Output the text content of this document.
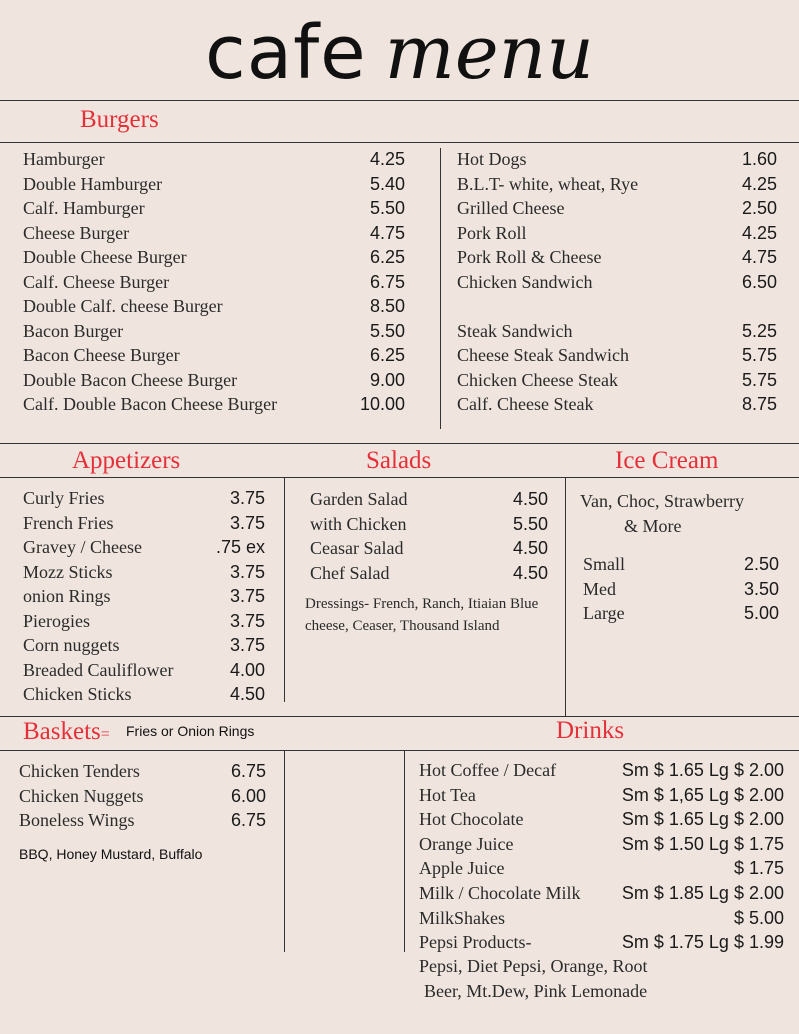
cafe menu
Burgers
Hamburger	4.25
Double Hamburger	5.40
Calf. Hamburger	5.50
Cheese Burger	4.75
Double Cheese Burger	6.25
Calf. Cheese Burger	6.75
Double Calf. cheese Burger	8.50
Bacon Burger	5.50
Bacon Cheese Burger	6.25
Double Bacon Cheese Burger	9.00
Calf. Double Bacon Cheese Burger	10.00
Hot Dogs	1.60
B.L.T- white, wheat, Rye	4.25
Grilled Cheese	2.50
Pork Roll	4.25
Pork Roll & Cheese	4.75
Chicken Sandwich	6.50
Steak Sandwich	5.25
Cheese Steak Sandwich	5.75
Chicken Cheese Steak	5.75
Calf. Cheese Steak	8.75
Appetizers
Curly Fries	3.75
French Fries	3.75
Gravey / Cheese	.75 ex
Mozz Sticks	3.75
onion Rings	3.75
Pierogies	3.75
Corn nuggets	3.75
Breaded Cauliflower	4.00
Chicken Sticks	4.50
Salads
Garden Salad	4.50
with Chicken	5.50
Ceasar Salad	4.50
Chef Salad	4.50
Dressings- French, Ranch, Itiaian Blue cheese, Ceaser, Thousand Island
Ice Cream
Van, Choc, Strawberry
& More
Small	2.50
Med	3.50
Large	5.00
Baskets= Fries or Onion Rings
Chicken Tenders	6.75
Chicken Nuggets	6.00
Boneless Wings	6.75
BBQ, Honey Mustard, Buffalo
Drinks
Hot Coffee / Decaf	Sm $ 1.65 Lg $ 2.00
Hot Tea	Sm $ 1,65 Lg $ 2.00
Hot Chocolate	Sm $ 1.65 Lg $ 2.00
Orange Juice	Sm $ 1.50 Lg $ 1.75
Apple Juice	$ 1.75
Milk / Chocolate Milk Sm $ 1.85 Lg $ 2.00
MilkShakes	$ 5.00
Pepsi Products-	Sm $ 1.75 Lg $ 1.99
Pepsi, Diet Pepsi, Orange, Root
Beer, Mt.Dew, Pink Lemonade
